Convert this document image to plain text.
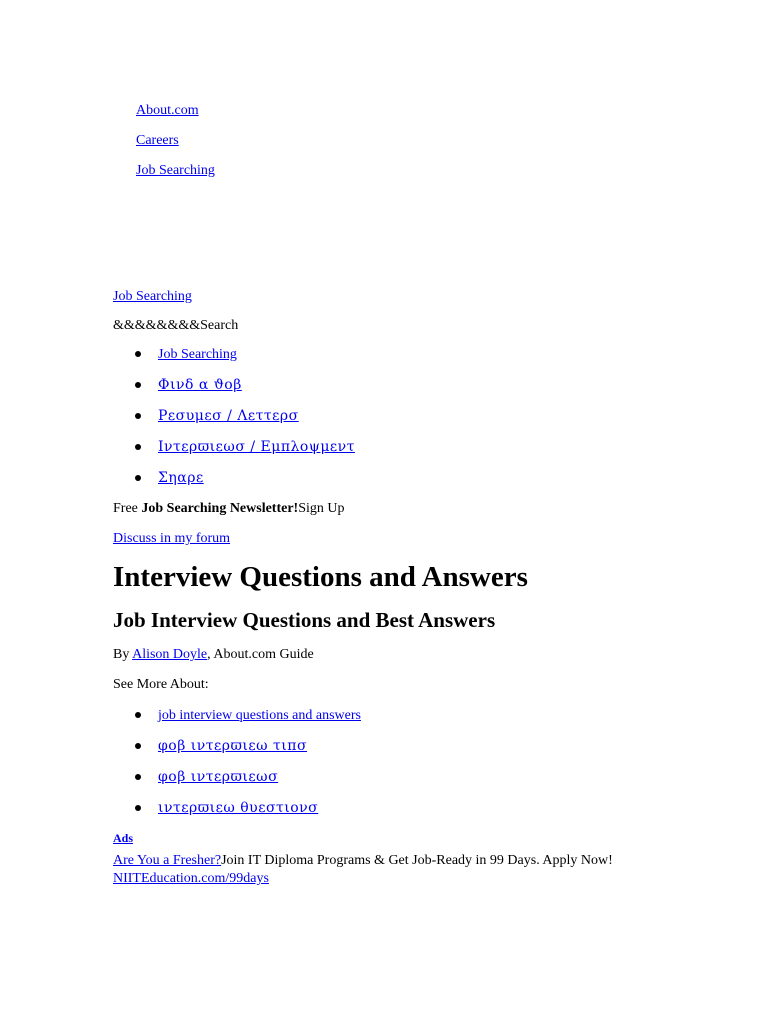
About.com
Careers
Job Searching
Job Searching
&&&&&&&&Search
Job Searching
Φινδ α ϑοβ
Ρεσυμεσ / Λεττερσ
Ιντερϖιεωσ / Εμπλοψμεντ
Σηαρε
Free Job Searching Newsletter!Sign Up
Discuss in my forum
Interview Questions and Answers
Job Interview Questions and Best Answers
By Alison Doyle, About.com Guide
See More About:
job interview questions and answers
φοβ ιντερϖιεω τιπσ
φοβ ιντερϖιεωσ
ιντερϖιεω θυεστιονσ
Ads
Are You a Fresher?Join IT Diploma Programs & Get Job-Ready in 99 Days. Apply Now!
NIITEducation.com/99days
